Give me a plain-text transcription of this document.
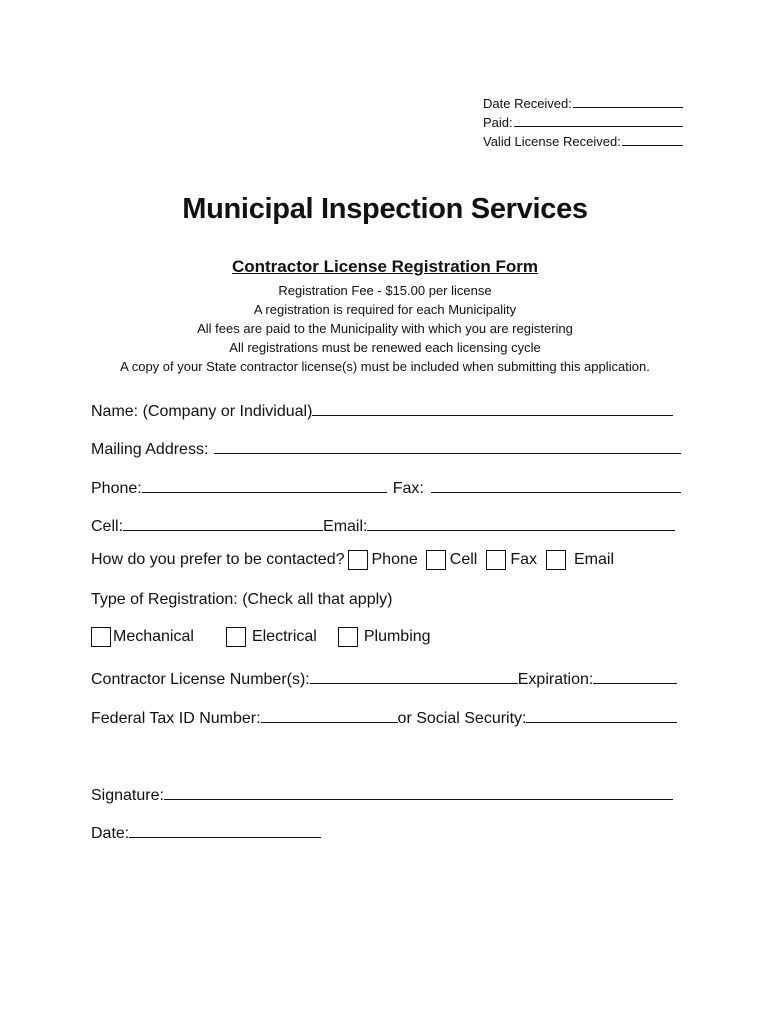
Date Received:
Paid:
Valid License Received:
Municipal Inspection Services
Contractor License Registration Form
Registration Fee - $15.00 per license
A registration is required for each Municipality
All fees are paid to the Municipality with which you are registering
All registrations must be renewed each licensing cycle
A copy of your State contractor license(s) must be included when submitting this application.
Name: (Company or Individual)
Mailing Address:
Phone:	Fax:
Cell:	Email:
How do you prefer to be contacted? Phone Cell Fax Email
Type of Registration: (Check all that apply)
Mechanical	Electrical	Plumbing
Contractor License Number(s):	Expiration:
Federal Tax ID Number:	or Social Security:
Signature:
Date:
